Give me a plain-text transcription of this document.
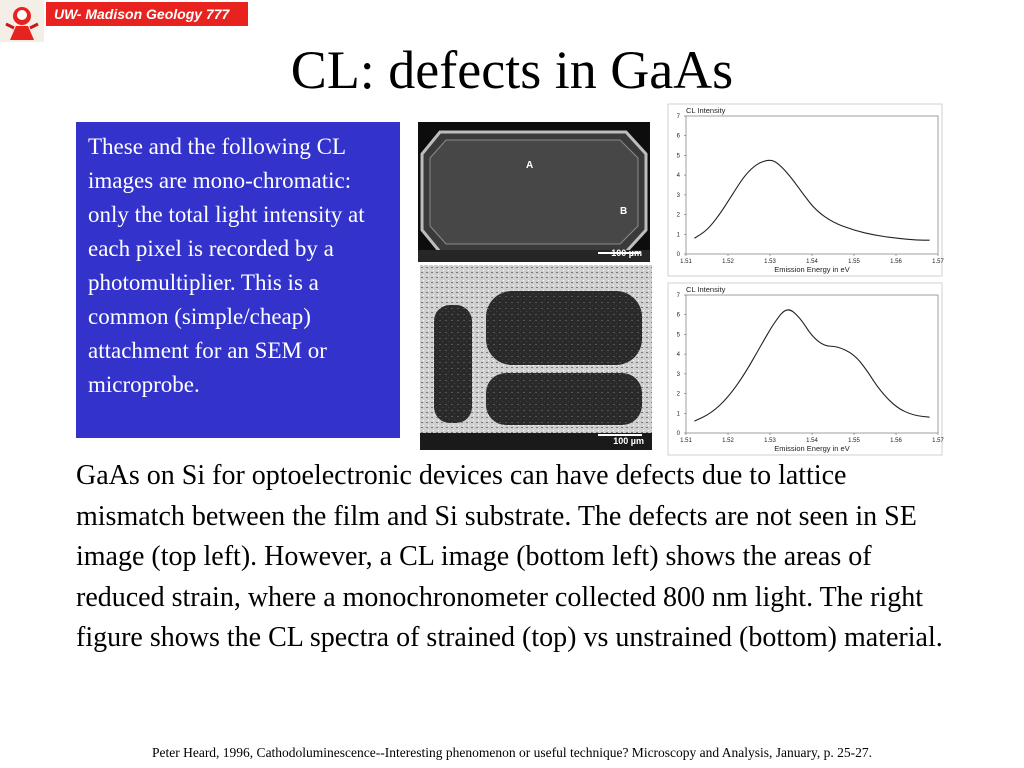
UW- Madison Geology 777
CL: defects in GaAs

These and the following CL images are mono-chromatic: only the total light intensity at each pixel is recorded by a photomultiplier. This is a common (simple/cheap) attachment for an SEM or microprobe.

A
B
100 µm
100 µm
0
1
2
3
4
5
6
7
1.51	1.52	1.53	1.54	1.55	1.56	1.57
CL Intensity
Emission Energy in eV
0
1
2
3
4
5
6
7
1.51	1.52	1.53	1.54	1.55	1.56	1.57
CL Intensity
Emission Energy in eV

GaAs on Si for optoelectronic devices can have defects due to lattice mismatch between the film and Si substrate. The defects are not seen in SE image (top left). However, a CL image (bottom left) shows the areas of reduced strain, where a monochronometer collected 800 nm light. The right figure shows the CL spectra of strained (top) vs unstrained (bottom) material.

Peter Heard, 1996, Cathodoluminescence--Interesting phenomenon or useful technique? Microscopy and Analysis, January, p. 25-27.
